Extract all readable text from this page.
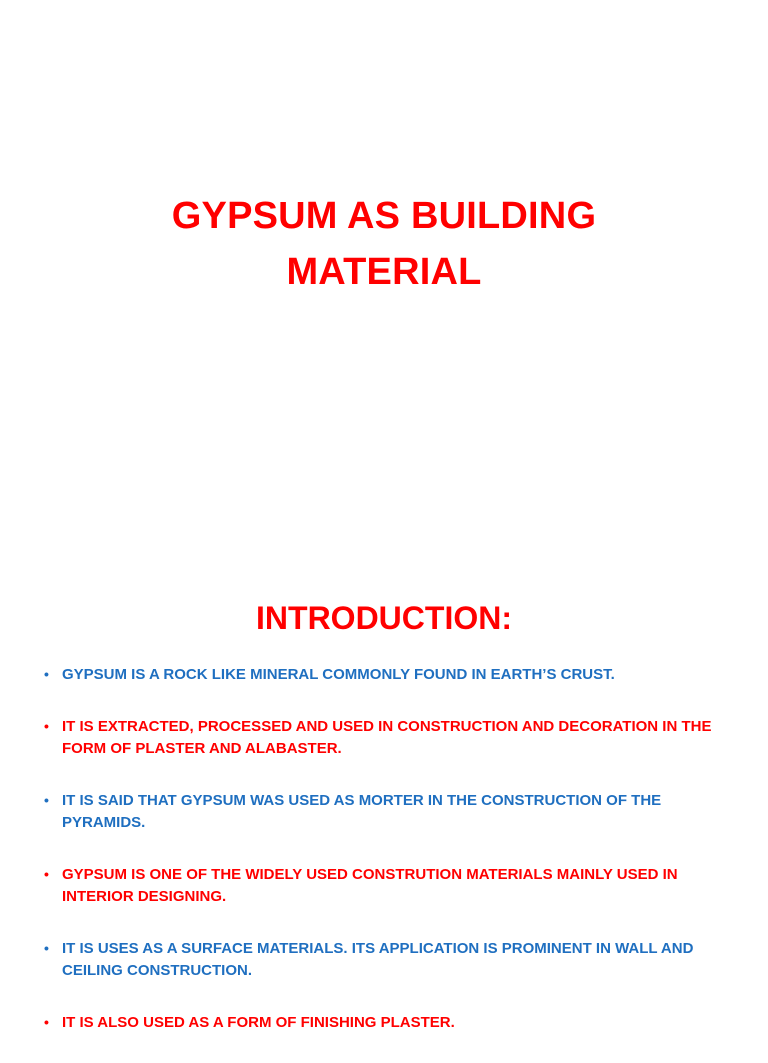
GYPSUM AS BUILDING
MATERIAL
INTRODUCTION:
• GYPSUM IS A ROCK LIKE MINERAL COMMONLY FOUND IN EARTH’S CRUST.
• IT IS EXTRACTED, PROCESSED AND USED IN CONSTRUCTION AND DECORATION IN THE FORM OF PLASTER AND ALABASTER.
• IT IS SAID THAT GYPSUM WAS USED AS MORTER IN THE CONSTRUCTION OF THE PYRAMIDS.
• GYPSUM IS ONE OF THE WIDELY USED CONSTRUTION MATERIALS MAINLY USED IN INTERIOR DESIGNING.
• IT IS USES AS A SURFACE MATERIALS. ITS APPLICATION IS PROMINENT IN WALL AND CEILING CONSTRUCTION.
• IT IS ALSO USED AS A FORM OF FINISHING PLASTER.
